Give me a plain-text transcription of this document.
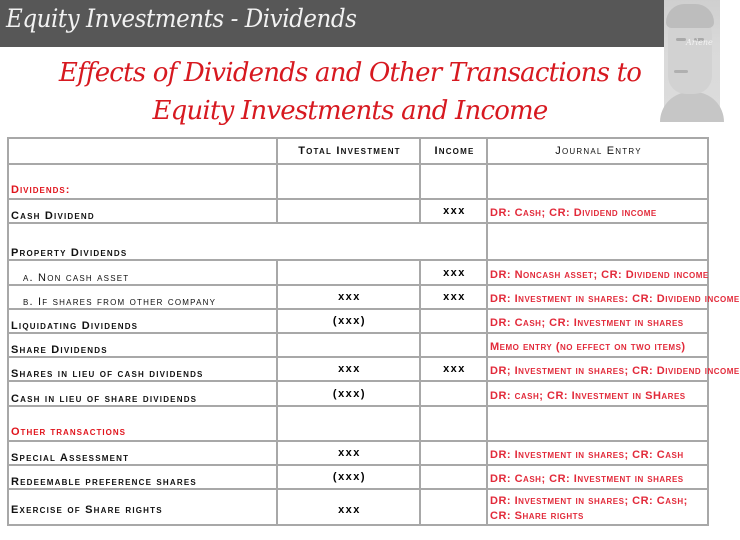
Equity Investments - Dividends
Arlene
Effects of Dividends and Other Transactions to Equity Investments and Income
	Total Investment	Income	Journal Entry
Dividends:			
Cash Dividend		xxx	DR: Cash; CR: Dividend income
Property Dividends			
a. Non cash asset		xxx	DR: Noncash asset; CR: Dividend income
b. If shares from other company	xxx	xxx	DR: Investment in shares: CR: Dividend income
Liquidating Dividends	(xxx)		DR: Cash; CR: Investment in shares
Share Dividends			Memo entry (no effect on two items)
Shares in lieu of cash dividends	xxx	xxx	DR; Investment in shares; CR: Dividend income
Cash in lieu of share dividends	(xxx)		DR: cash; CR: Investment in SHares
Other transactions			
Special Assessment	xxx		DR: Investment in shares; CR: Cash
Redeemable preference shares	(xxx)		DR: Cash; CR: Investment in shares
Exercise of Share rights	xxx		DR: Investment in shares; CR: Cash; CR: Share rights
